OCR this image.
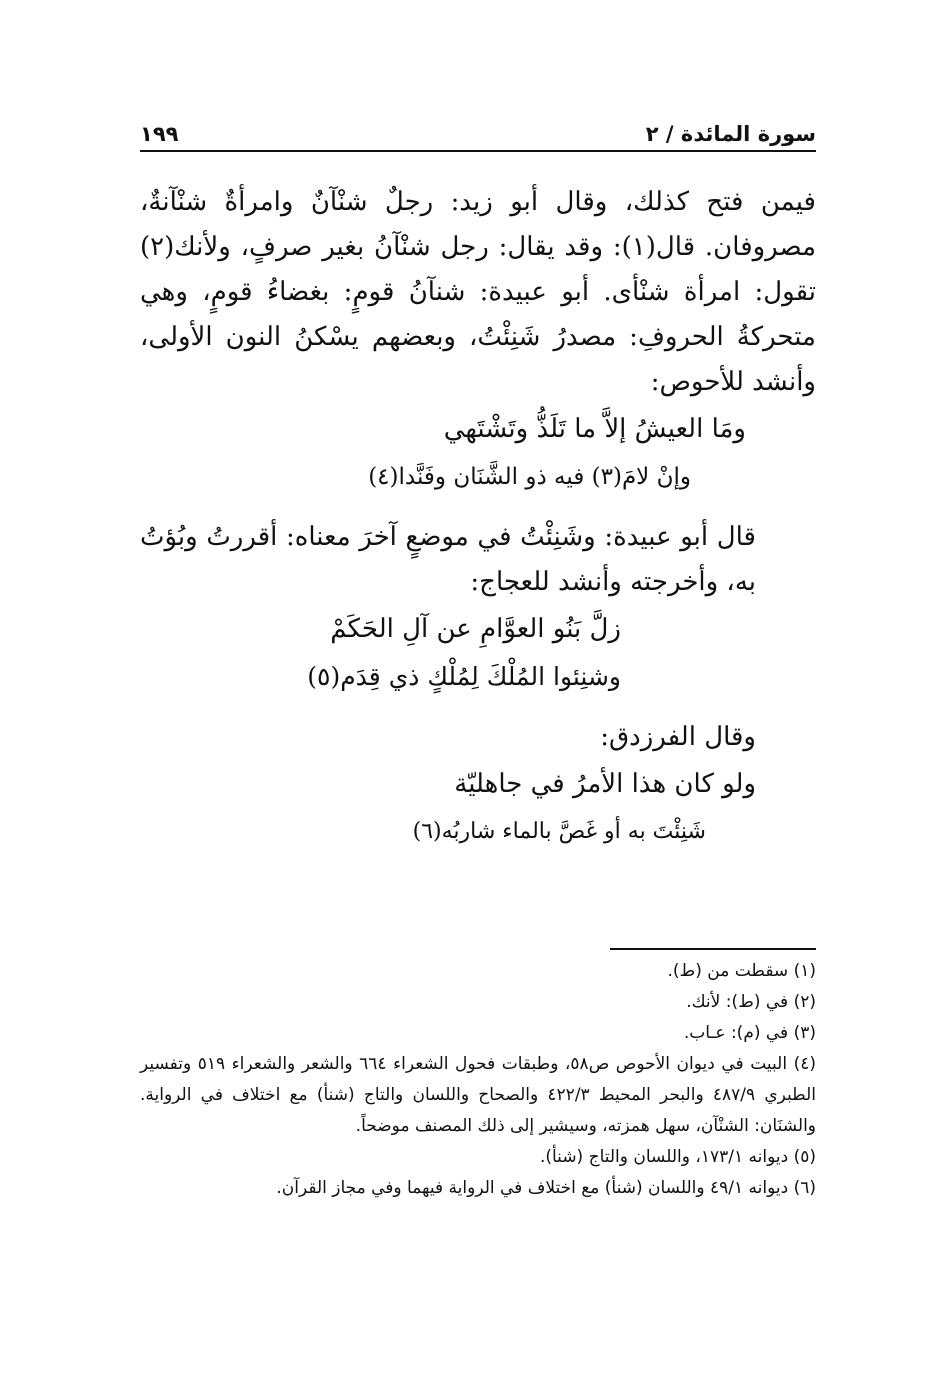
سورة المائدة / ٢
١٩٩

فيمن فتح كذلك، وقال أبو زيد: رجلٌ شنْآنٌ وامرأةٌ شنْآنةٌ، مصروفان. قال(١): وقد يقال: رجل شنْآنُ بغير صرفٍ، ولأنك(٢) تقول: امرأة شنْأى. أبو عبيدة: شنآنُ قومٍ: بغضاءُ قومٍ، وهي متحركةُ الحروفِ: مصدرُ شَنِئْتُ، وبعضهم يسْكنُ النون الأولى، وأنشد للأحوص:

ومَا العيشُ إلاَّ ما تَلَذُّ وتَشْتَهي
وإنْ لامَ(٣) فيه ذو الشَّنَان وفَنَّدا(٤)

قال أبو عبيدة: وشَنِئْتُ في موضعٍ آخرَ معناه: أقررتُ وبُؤتُ به، وأخرجته وأنشد للعجاج:

زلَّ بَنُو العوَّامِ عن آلِ الحَكَمْ
وشنِئوا المُلْكَ لِمُلْكٍ ذي قِدَم(٥)

وقال الفرزدق:

ولو كان هذا الأمرُ في جاهليّة
شَنِئْتَ به أو غَصَّ بالماء شاربُه(٦)

(١) سقطت من (ط).

(٢) في (ط): لأنك.

(٣) في (م): عـاب.

(٤) البيت في ديوان الأحوص ص٥٨، وطبقات فحول الشعراء ٦٦٤ والشعر والشعراء ٥١٩ وتفسير الطبري ٤٨٧/٩ والبحر المحيط ٤٢٢/٣ والصحاح واللسان والتاج (شنأ) مع اختلاف في الرواية. والشنَان: الشنْآن، سهل همزته، وسيشير إلى ذلك المصنف موضحاً.

(٥) ديوانه ١٧٣/١، واللسان والتاج (شنأ).

(٦) ديوانه ٤٩/١ واللسان (شنأ) مع اختلاف في الرواية فيهما وفي مجاز القرآن.
